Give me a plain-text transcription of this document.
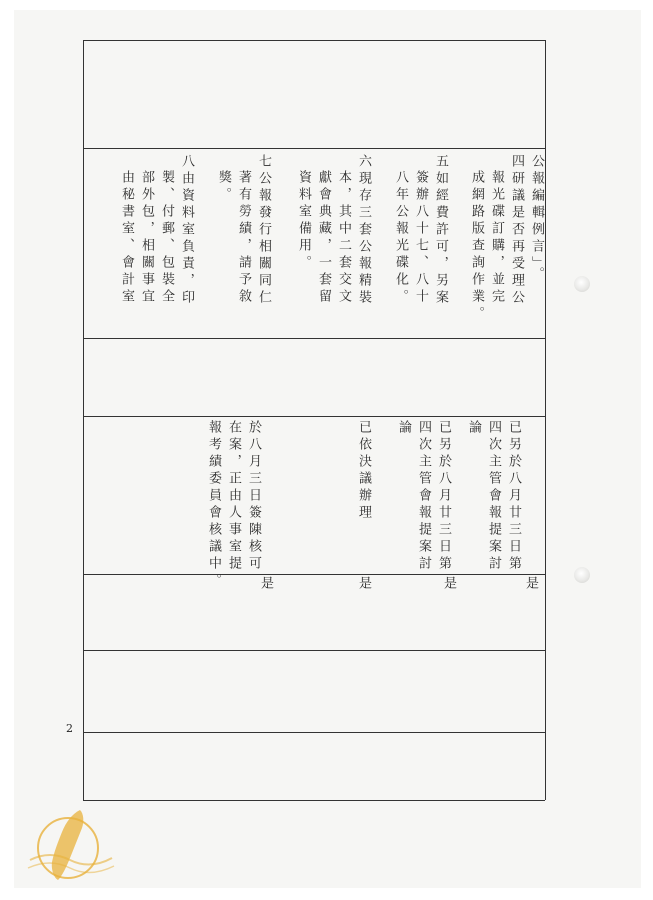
公報編輯例言」。
四研議是否再受理公
報光碟訂購，並完
成網路版查詢作業。
五如經費許可，另案
簽辦八十七、八十
八年公報光碟化。
六現存三套公報精裝
本，其中二套交文
獻會典藏，一套留
資料室備用。
七公報發行相關同仁
著有勞績，請予敘
獎。
八由資料室負責，印
製、付郵、包裝全
部外包，相關事宜
由秘書室、會計室
已另於八月廿三日第
四次主管會報提案討
論
是
已另於八月廿三日第
四次主管會報提案討
論
是
已依決議辦理
是
於八月三日簽陳核可
在案，正由人事室提
報考績委員會核議中。	是
2
